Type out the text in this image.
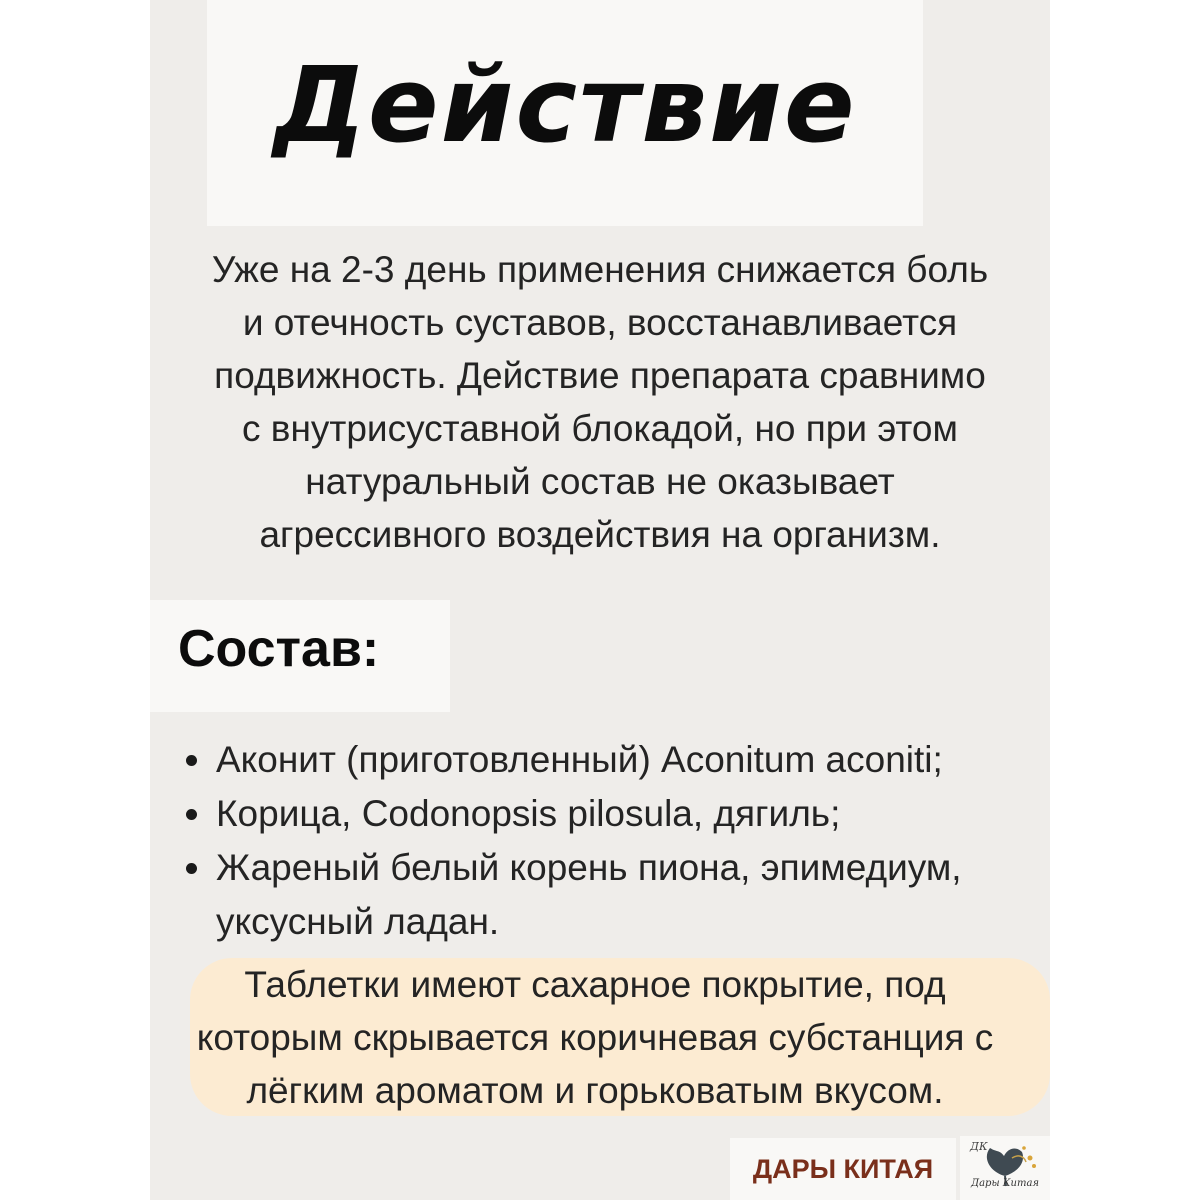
Действие
Уже на 2-3 день применения снижается боль
и отечность суставов, восстанавливается
подвижность. Действие препарата сравнимо
с внутрисуставной блокадой, но при этом
натуральный состав не оказывает
агрессивного воздействия на организм.
Состав:
Аконит (приготовленный) Aconitum aconiti;
Корица, Codonopsis pilosula, дягиль;
Жареный белый корень пиона, эпимедиум,
уксусный ладан.
Таблетки имеют сахарное покрытие, под
которым скрывается коричневая субстанция с
лёгким ароматом и горьковатым вкусом.
ДАРЫ КИТАЯ
ДК
Дары Китая
